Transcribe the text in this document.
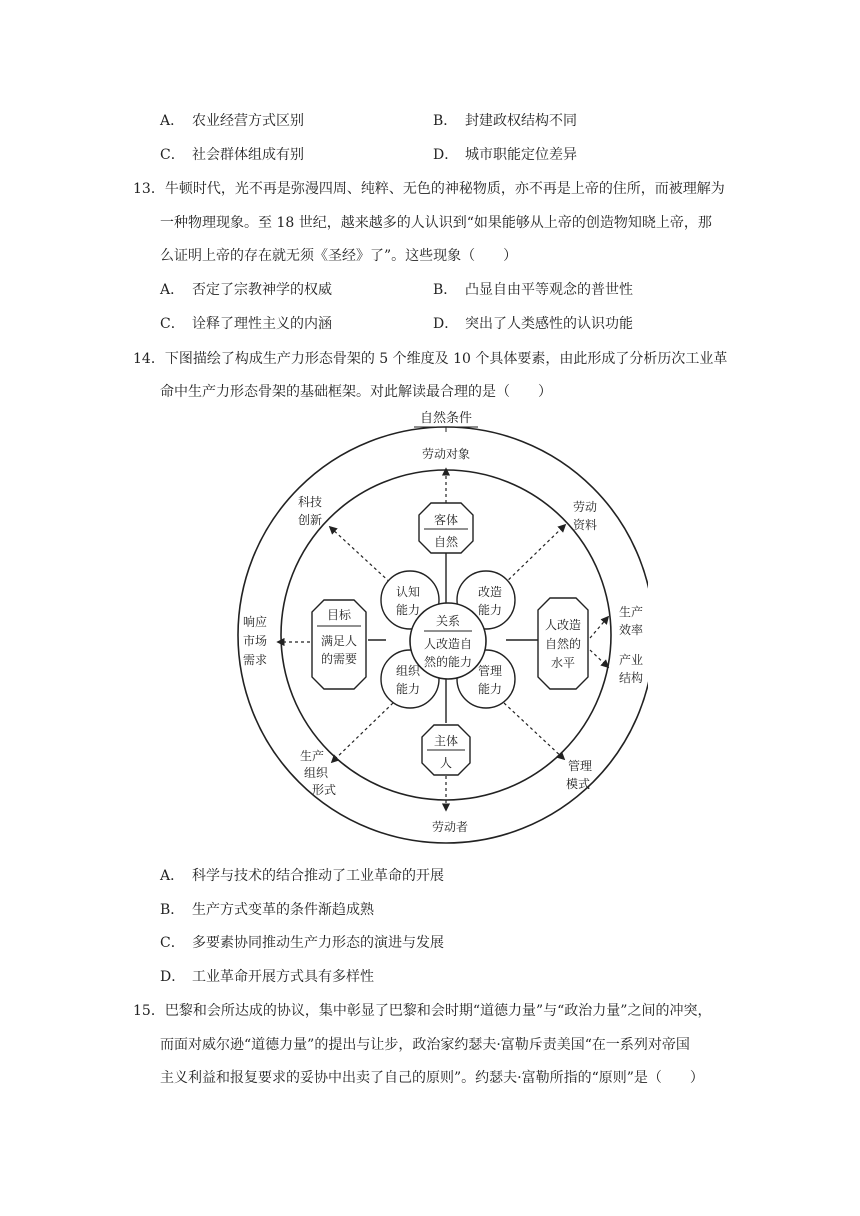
A． 农业经营方式区别	B． 封建政权结构不同
C． 社会群体组成有别	D． 城市职能定位差异
13．牛顿时代，光不再是弥漫四周、纯粹、无色的神秘物质，亦不再是上帝的住所，而被理解为
一种物理现象。至 18 世纪，越来越多的人认识到“如果能够从上帝的创造物知晓上帝，那
么证明上帝的存在就无须《圣经》了”。这些现象（　　）
A． 否定了宗教神学的权威	B． 凸显自由平等观念的普世性
C． 诠释了理性主义的内涵	D． 突出了人类感性的认识功能
14．下图描绘了构成生产力形态骨架的 5 个维度及 10 个具体要素，由此形成了分析历次工业革
命中生产力形态骨架的基础框架。对此解读最合理的是（　　）
自然条件
劳动对象
劳动者
科技
创新
劳动
资料
响应
市场
需求
生产
效率
产业
结构
生产
组织
形式
管理
模式
客体
自然
主体
人
目标
满足人
的需要
人改造
自然的
水平
认知
能力
改造
能力
组织
能力
管理
能力
关系
人改造自
然的能力
A． 科学与技术的结合推动了工业革命的开展
B． 生产方式变革的条件渐趋成熟
C． 多要素协同推动生产力形态的演进与发展
D． 工业革命开展方式具有多样性
15．巴黎和会所达成的协议，集中彰显了巴黎和会时期“道德力量”与“政治力量”之间的冲突，
而面对威尔逊“道德力量”的提出与让步，政治家约瑟夫·富勒斥责美国“在一系列对帝国
主义利益和报复要求的妥协中出卖了自己的原则”。约瑟夫·富勒所指的“原则”是（　　）
